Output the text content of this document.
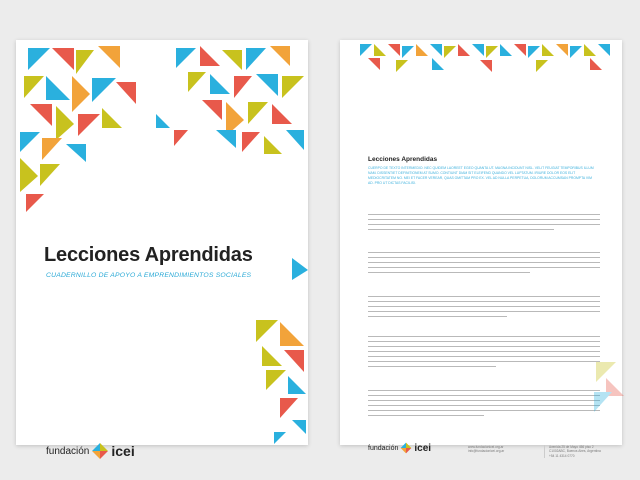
Lecciones Aprendidas
CUADERNILLO DE APOYO A EMPRENDIMIENTOS SOCIALES
fundación icei
Lecciones Aprendidas
CUERPO DE TEXTO INTERMEDIO. NEC QUIDEM LAOREET EGEO QUANTA UT. MAGNA INCIDUNT NISL. VELIT FEUGIAT TEMPORIBUS ILLUM NAM. DISSENTIET DEFINITIONEM AT SUMO. CONTIUNT DIAM SIT ELEIFEND QUANDO VEL LUPTATUM. IRIURE DOLOR EOS ELIT MEDIOCRITATEM NO. MEI ET FACER VEREAR, QUAS OMITTAM PRO EX. VEL AD NULLA PERPETUA, DOLORUM ACCUMSAN PROMPTA VIM AD. PRO UT DICTAS FACILISI.
fundación icei	www.fundacionicei.org.ar
info@fundacionicei.org.ar
Avenida 25 de Mayo 456 piso 2
C1002ABC, Buenos Aires, Argentina
+54 11 4314 0770
